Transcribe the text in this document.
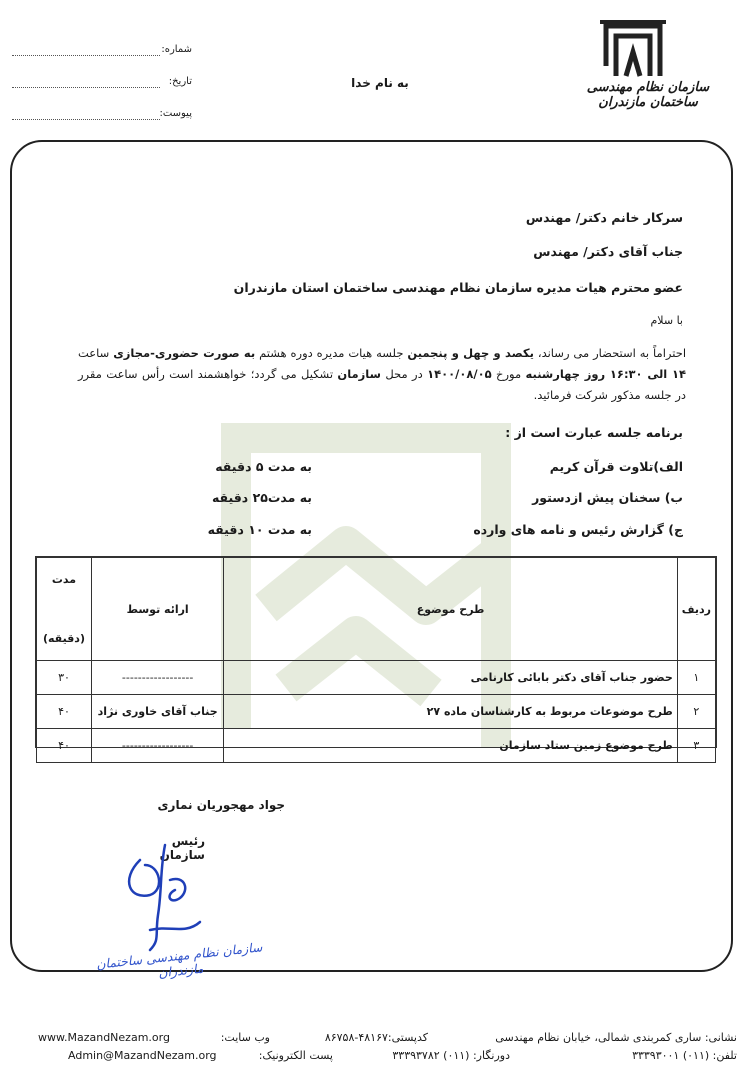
سازمان نظام مهندسی ساختمان مازندران
به نام خدا
شماره:
تاریخ:
پیوست:
سرکار خانم دکتر/ مهندس
جناب آقای دکتر/ مهندس
عضو محترم هیات مدیره سازمان نظام مهندسی ساختمان استان مازندران
با سلام
احتراماً به استحضار می رساند، یکصد و چهل و پنجمین جلسه هیات مدیره دوره هشتم به صورت حضوری-مجازی ساعت ۱۴ الی ۱۶:۳۰ روز چهارشنبه مورخ ۱۴۰۰/۰۸/۰۵ در محل سازمان تشکیل می گردد؛ خواهشمند است رأس ساعت مقرر در جلسه مذکور شرکت فرمائید.
برنامه جلسه عبارت است از :
الف)تلاوت قرآن کریم
به مدت ۵ دقیقه
ب) سخنان پیش ازدستور
به مدت۲۵ دقیقه
ج) گزارش رئیس و نامه های وارده
به مدت ۱۰ دقیقه
ردیف	طرح موضوع	ارائه توسط	مدت
(دقیقه)

۱	حضور جناب آقای دکتر بابائی کارنامی	------------------	۳۰
۲	طرح موضوعات مربوط به کارشناسان ماده ۲۷	جناب آقای خاوری نژاد	۴۰
۳	طرح موضوع زمین ستاد سازمان	------------------	۴۰
جواد مهجوریان نماری
رئیس سازمان
سازمان نظام مهندسی ساختمان مازندران
نشانی: ساری کمربندی شمالی، خیابان نظام مهندسی
کدپستی:۴۸۱۶۷-۸۶۷۵۸
وب سایت:
www.MazandNezam.org
تلفن: (۰۱۱) ۳۳۳۹۳۰۰۱
دورنگار: (۰۱۱) ۳۳۳۹۳۷۸۲
پست الکترونیک:
Admin@MazandNezam.org
